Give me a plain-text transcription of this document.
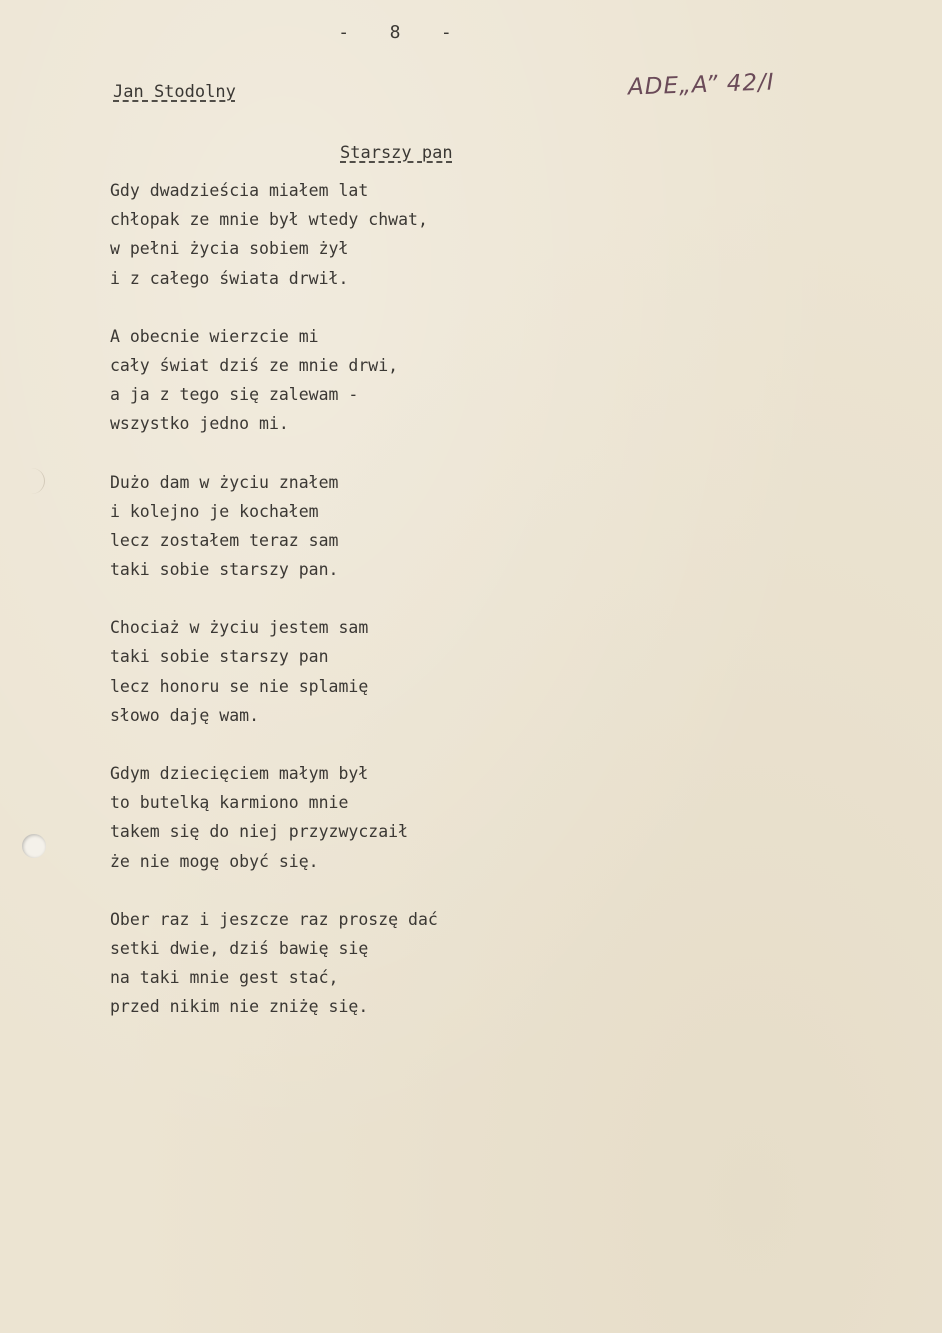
-   8   -
Jan Stodolny	ADE„A” 42/I
Starszy pan
Gdy dwadzieścia miałem lat
chłopak ze mnie był wtedy chwat,
w pełni życia sobiem żył
i z całego świata drwił.
A obecnie wierzcie mi
cały świat dziś ze mnie drwi,
a ja z tego się zalewam -
wszystko jedno mi.
Dużo dam w życiu znałem
i kolejno je kochałem
lecz zostałem teraz sam
taki sobie starszy pan.
Chociaż w życiu jestem sam
taki sobie starszy pan
lecz honoru se nie splamię
słowo daję wam.
Gdym dziecięciem małym był
to butelką karmiono mnie
takem się do niej przyzwyczaił
że nie mogę obyć się.
Ober raz i jeszcze raz proszę dać
setki dwie, dziś bawię się
na taki mnie gest stać,
przed nikim nie zniżę się.
